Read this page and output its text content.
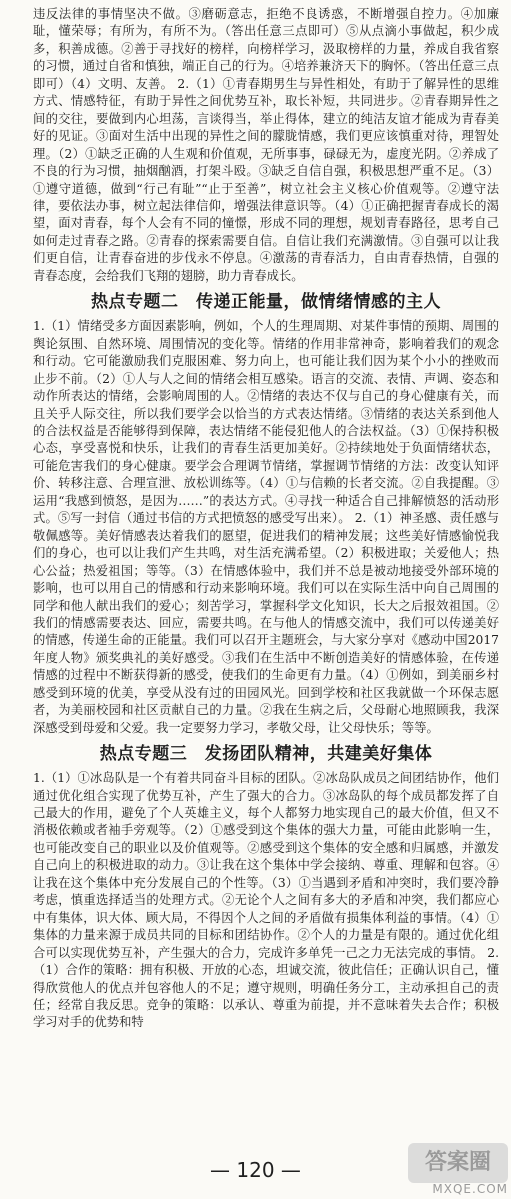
违反法律的事情坚决不做。③磨砺意志，拒绝不良诱惑，不断增强自控力。④加廉耻，懂荣辱；有所为，有所不为。（答出任意三点即可）⑤从点滴小事做起，积少成多，积善成德。②善于寻找好的榜样，向榜样学习，汲取榜样的力量，养成自我省察的习惯，通过自省和慎独，端正自己的行为。④培养兼济天下的胸怀。（答出任意三点即可）（4）文明、友善。 2.（1）①青春期男生与异性相处，有助于了解异性的思维方式、情感特征，有助于异性之间优势互补，取长补短，共同进步。②青春期异性之间的交往，要做到内心坦荡，言谈得当，举止得体，建立的纯洁友谊才能成为青春美好的见证。③面对生活中出现的异性之间的朦胧情感，我们更应该慎重对待，理智处理。（2）①缺乏正确的人生观和价值观，无所事事，碌碌无为，虚度光阴。②养成了不良的行为习惯，抽烟酗酒，打架斗殴。③缺乏自信自强，积极思想严重不足。（3）①遵守道德，做到“行己有耻”“止于至善”，树立社会主义核心价值观等。②遵守法律，要依法办事，树立起法律信仰，增强法律意识等。（4）①正确把握青春成长的渴望，面对青春，每个人会有不同的憧憬，形成不同的理想，规划青春路径，思考自己如何走过青春之路。②青春的探索需要自信。自信让我们充满激情。③自强可以让我们更自信，让青春奋进的步伐永不停息。④激荡的青春活力，自由青春热情，自强的青春态度，会给我们飞翔的翅膀，助力青春成长。

热点专题二　传递正能量，做情绪情感的主人

1.（1）情绪受多方面因素影响，例如，个人的生理周期、对某件事情的预期、周围的舆论氛围、自然环境、周围情况的变化等。情绪的作用非常神奇，影响着我们的观念和行动。它可能激励我们克服困难、努力向上，也可能让我们因为某个小小的挫败而止步不前。（2）①人与人之间的情绪会相互感染。语言的交流、表情、声调、姿态和动作所表达的情绪，会影响周围的人。②情绪的表达不仅与自己的身心健康有关，而且关乎人际交往，所以我们要学会以恰当的方式表达情绪。③情绪的表达关系到他人的合法权益是否能够得到保障，表达情绪不能侵犯他人的合法权益。（3）①保持积极心态，享受喜悦和快乐，让我们的青春生活更加美好。②持续地处于负面情绪状态，可能危害我们的身心健康。要学会合理调节情绪，掌握调节情绪的方法：改变认知评价、转移注意、合理宣泄、放松训练等。（4）①与信赖的长者交流。②自我提醒。③运用“我感到愤怒，是因为……”的表达方式。④寻找一种适合自己排解愤怒的活动形式。⑤写一封信（通过书信的方式把愤怒的感受写出来）。 2.（1）神圣感、责任感与敬佩感等。美好情感表达着我们的愿望，促进我们的精神发展；这些美好情感愉悦我们的身心，也可以让我们产生共鸣，对生活充满希望。（2）积极进取；关爱他人；热心公益；热爱祖国；等等。（3）在情感体验中，我们并不总是被动地接受外部环境的影响，也可以用自己的情感和行动来影响环境。我们可以在实际生活中向自己周围的同学和他人献出我们的爱心；刻苦学习，掌握科学文化知识，长大之后报效祖国。②我们的情感需要表达、回应，需要共鸣。在与他人的情感交流中，我们可以传递美好的情感，传递生命的正能量。我们可以召开主题班会，与大家分享对《感动中国2017年度人物》颁奖典礼的美好感受。③我们在生活中不断创造美好的情感体验，在传递情感的过程中不断获得新的感受，使我们的生命更有力量。（4）①例如，到美丽乡村感受到环境的优美，享受从没有过的田园风光。回到学校和社区我就做一个环保志愿者，为美丽校园和社区贡献自己的力量。②我在生病之后，父母耐心地照顾我，我深深感受到母爱和父爱。我一定要努力学习，孝敬父母，让父母快乐；等等。

热点专题三　发扬团队精神，共建美好集体

1.（1）①冰岛队是一个有着共同奋斗目标的团队。②冰岛队成员之间团结协作，他们通过优化组合实现了优势互补，产生了强大的合力。③冰岛队的每个成员都发挥了自己最大的作用，避免了个人英雄主义，每个人都努力地实现自己的最大价值，但又不消极依赖或者袖手旁观等。（2）①感受到这个集体的强大力量，可能由此影响一生，也可能改变自己的职业以及价值观等。②感受到这个集体的安全感和归属感，并激发自己向上的积极进取的动力。③让我在这个集体中学会接纳、尊重、理解和包容。④让我在这个集体中充分发展自己的个性等。（3）①当遇到矛盾和冲突时，我们要冷静考虑，慎重选择适当的处理方式。②无论个人之间有多大的矛盾和冲突，我们都应心中有集体，识大体、顾大局，不得因个人之间的矛盾做有损集体利益的事情。（4）①集体的力量来源于成员共同的目标和团结协作。②个人的力量是有限的。通过优化组合可以实现优势互补，产生强大的合力，完成许多单凭一己之力无法完成的事情。 2.（1）合作的策略：拥有积极、开放的心态，坦诚交流，彼此信任；正确认识自己，懂得欣赏他人的优点并包容他人的不足；遵守规则，明确任务分工，主动承担自己的责任；经常自我反思。竞争的策略：以承认、尊重为前提，并不意味着失去合作；积极学习对手的优势和特

— 120 —	答案圈
MXQE.COM
